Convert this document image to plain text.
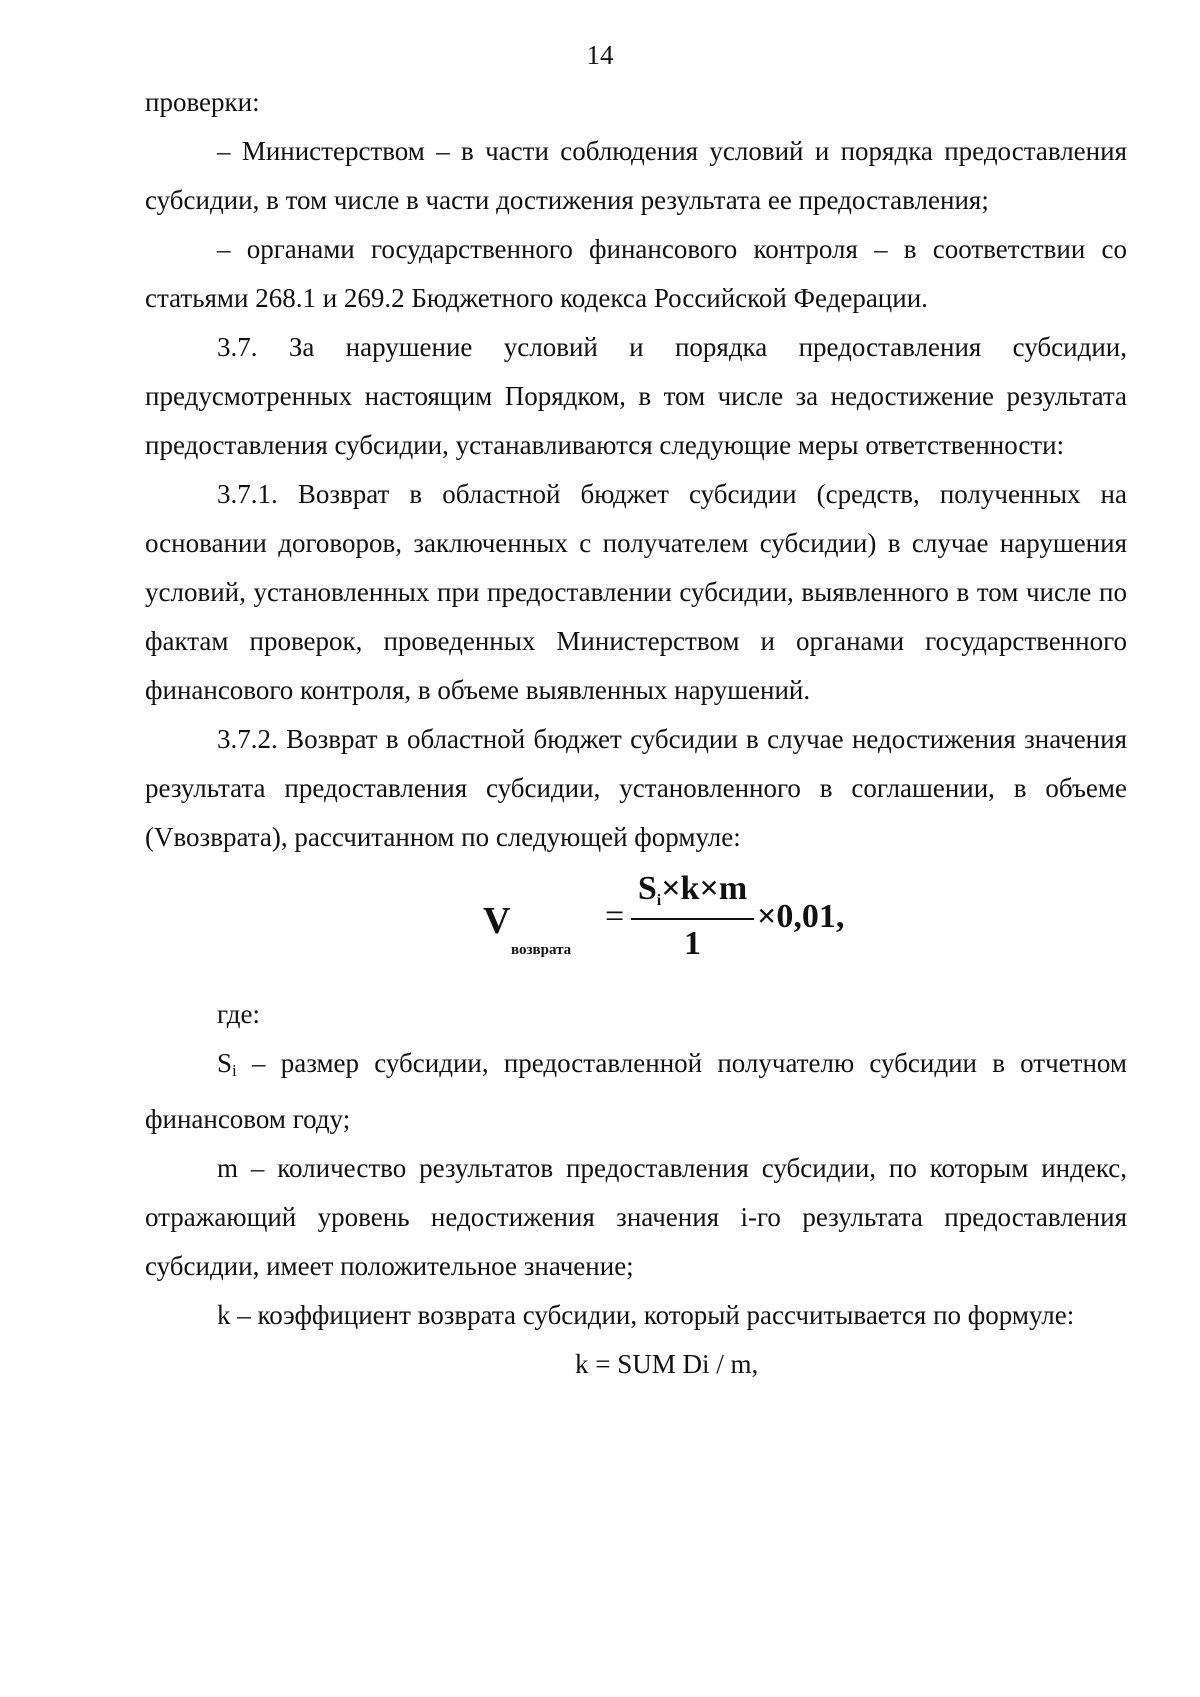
14

проверки:

– Министерством – в части соблюдения условий и порядка предоставления субсидии, в том числе в части достижения результата ее предоставления;

– органами государственного финансового контроля – в соответствии со статьями 268.1 и 269.2 Бюджетного кодекса Российской Федерации.

3.7. За нарушение условий и порядка предоставления субсидии, предусмотренных настоящим Порядком, в том числе за недостижение результата предоставления субсидии, устанавливаются следующие меры ответственности:

3.7.1. Возврат в областной бюджет субсидии (средств, полученных на основании договоров, заключенных с получателем субсидии) в случае нарушения условий, установленных при предоставлении субсидии, выявленного в том числе по фактам проверок, проведенных Министерством и органами государственного финансового контроля, в объеме выявленных нарушений.

3.7.2. Возврат в областной бюджет субсидии в случае недостижения значения результата предоставления субсидии, установленного в соглашении, в объеме (Vвозврата), рассчитанном по следующей формуле:

V
возврата
=
$S_i\times k\times m$
1
×0,01,

где:

$S_i$ – размер субсидии, предоставленной получателю субсидии в отчетном финансовом году;

m – количество результатов предоставления субсидии, по которым индекс, отражающий уровень недостижения значения i-го результата предоставления субсидии, имеет положительное значение;

k – коэффициент возврата субсидии, который рассчитывается по формуле:

k = SUM Di / m,
